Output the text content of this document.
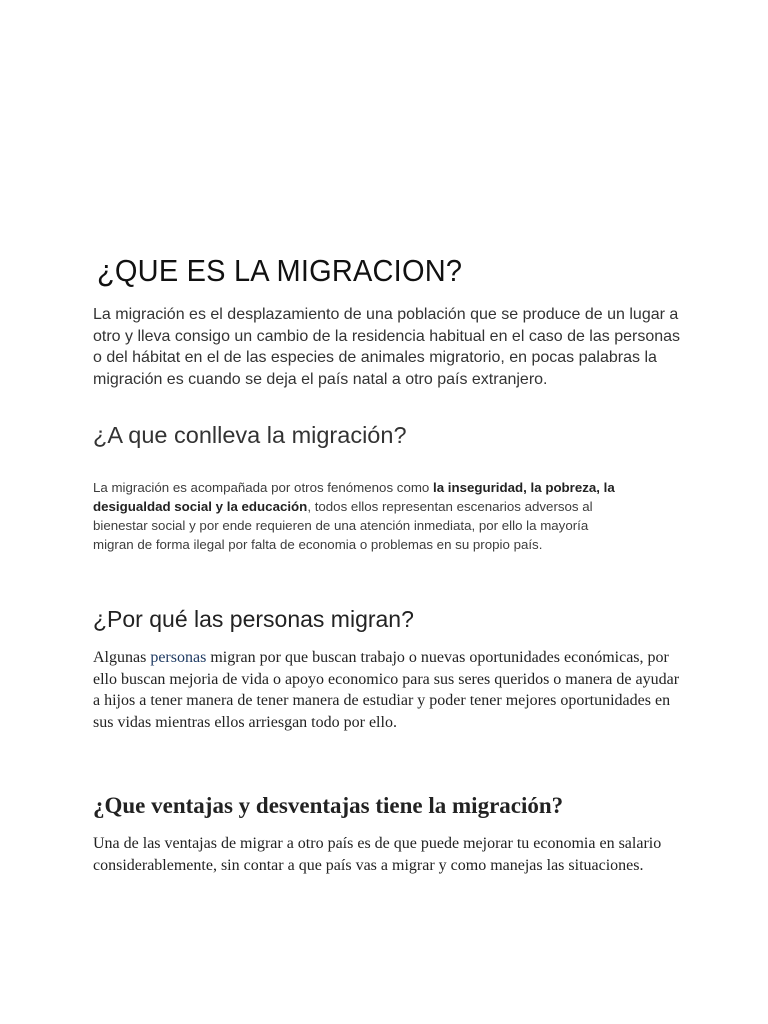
¿QUE ES LA MIGRACION?

La migración es el desplazamiento de una población que se produce de un lugar a otro y lleva consigo un cambio de la residencia habitual en el caso de las personas o del hábitat en el de las especies de animales migratorio, en pocas palabras la migración es cuando se deja el país natal a otro país extranjero.

¿A que conlleva la migración?

La migración es acompañada por otros fenómenos como la inseguridad, la pobreza, la desigualdad social y la educación, todos ellos representan escenarios adversos al bienestar social y por ende requieren de una atención inmediata, por ello la mayoría migran de forma ilegal por falta de economia o problemas en su propio país.

¿Por qué las personas migran?

Algunas personas migran por que buscan trabajo o nuevas oportunidades económicas, por ello buscan mejoria de vida o apoyo economico para sus seres queridos o manera de ayudar a hijos a tener manera de tener manera de estudiar y poder tener mejores oportunidades en sus vidas mientras ellos arriesgan todo por ello.

¿Que ventajas y desventajas tiene la migración?

Una de las ventajas de migrar a otro país es de que puede mejorar tu economia en salario considerablemente, sin contar a que país vas a migrar y como manejas las situaciones.
